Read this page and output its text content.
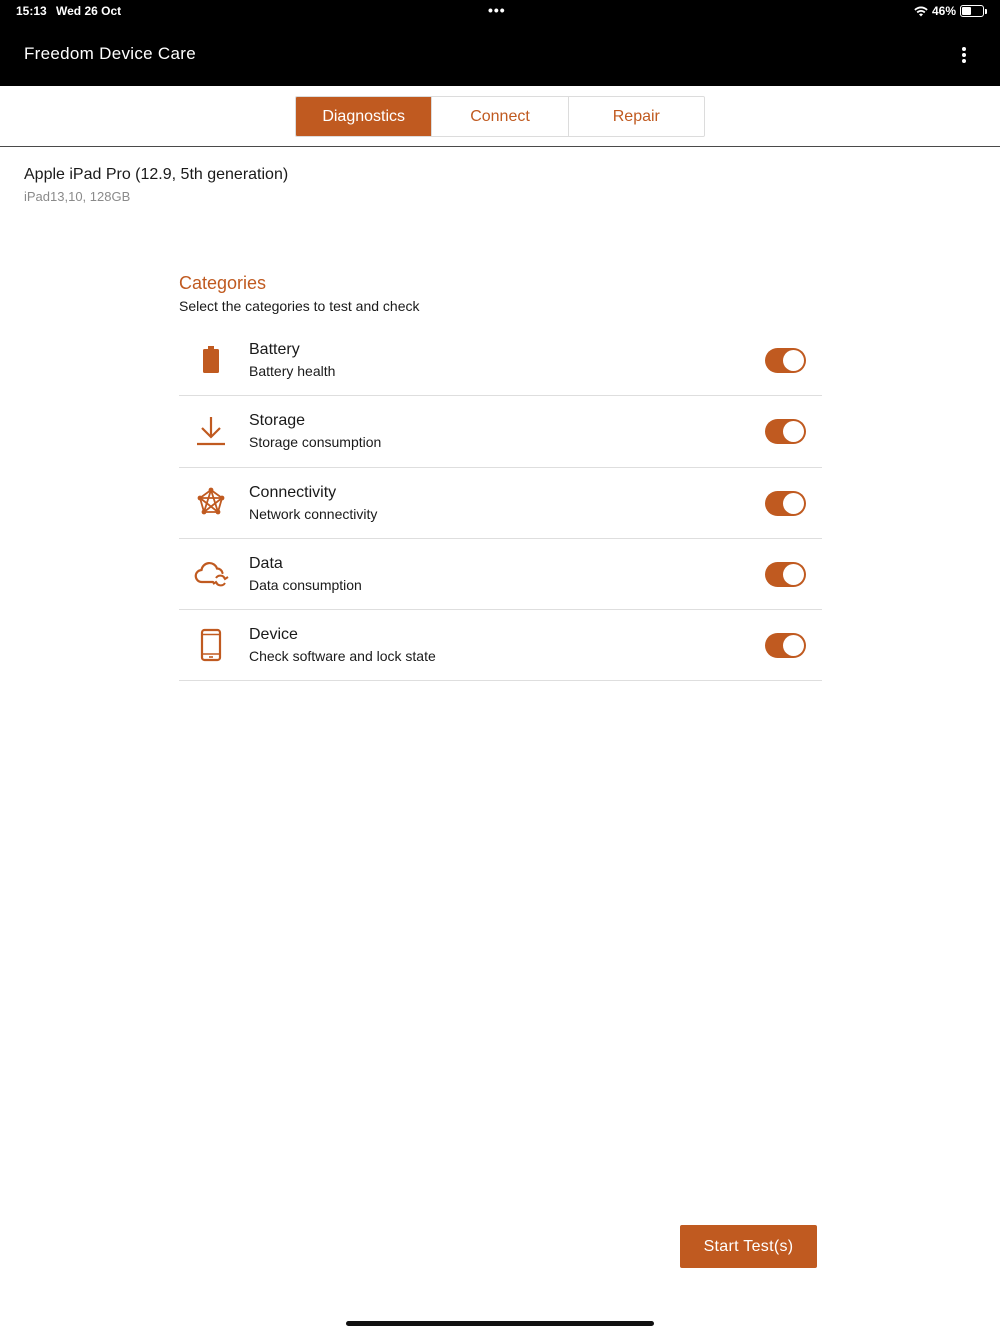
15:13 Wed 26 Oct	•••	46%
Freedom Device Care
Diagnostics	Connect	Repair
Apple iPad Pro (12.9, 5th generation)
iPad13,10, 128GB
Categories
Select the categories to test and check
Battery
Battery health
Storage
Storage consumption
Connectivity
Network connectivity
Data
Data consumption
Device
Check software and lock state
Start Test(s)
